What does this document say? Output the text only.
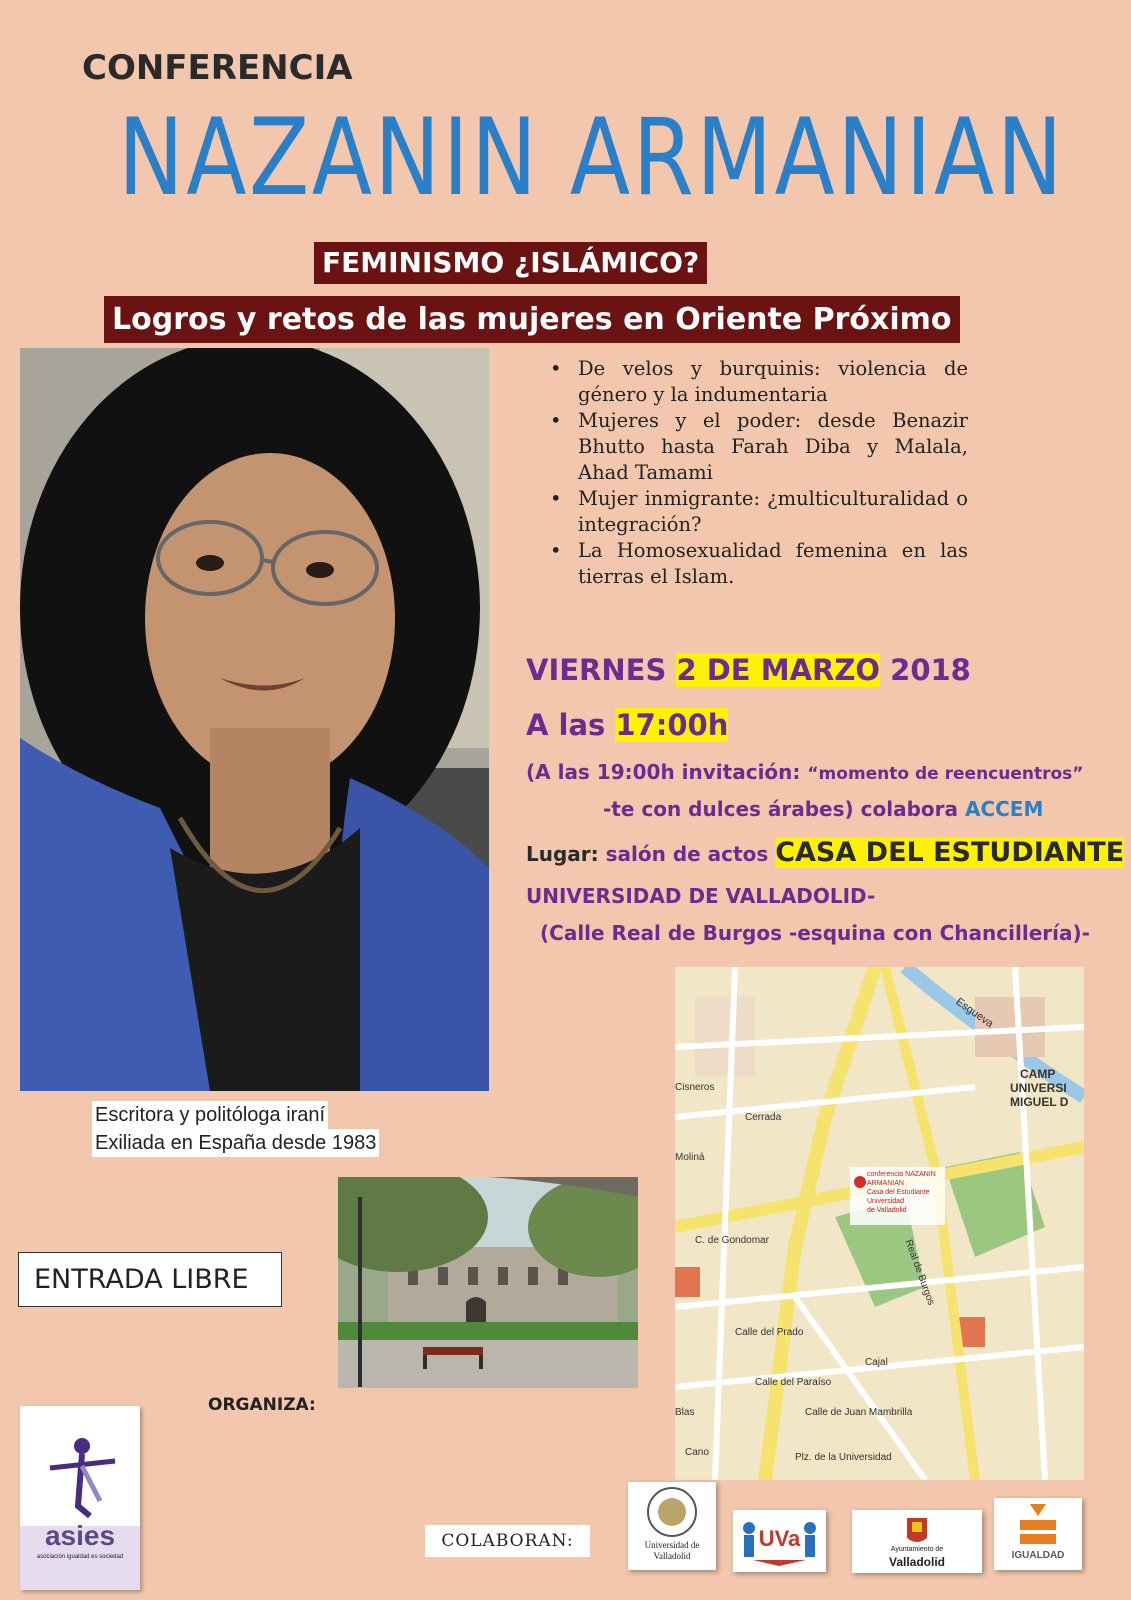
CONFERENCIA
NAZANIN ARMANIAN
FEMINISMO ¿ISLÁMICO?
Logros y retos de las mujeres en Oriente Próximo
Escritora y politóloga iraní
Exiliada en España desde 1983
• De velos y burquinis: violencia de género y la indumentaria
• Mujeres y el poder: desde Benazir Bhutto hasta Farah Diba y Malala, Ahad Tamami
• Mujer inmigrante: ¿multiculturalidad o integración?
• La Homosexualidad femenina en las tierras el Islam.
VIERNES 2 DE MARZO 2018
A las 17:00h
(A las 19:00h invitación: “momento de reencuentros”
-te con dulces árabes) colabora ACCEM
Lugar: salón de actos CASA DEL ESTUDIANTE
UNIVERSIDAD DE VALLADOLID-
(Calle Real de Burgos -esquina con Chancillería)-
conferencia NAZANIN
ARMANIAN
Casa del Estudiante
Universidad
de Valladolid
Esgueva
CAMP
UNIVERSI
MIGUEL D
C. de Gondomar
Calle del Prado
Calle del Paraíso
Calle de Juan Mambrilla
Plz. de la Universidad
Real de Burgos
Cerrada
Cisneros
Cajal
Cano
Blas
Moliná
ENTRADA LIBRE
ORGANIZA:
asies
asociación igualdad es sociedad
COLABORAN:	Universidad de Valladolid
UVa	Ayuntamiento de
Valladolid	IGUALDAD
